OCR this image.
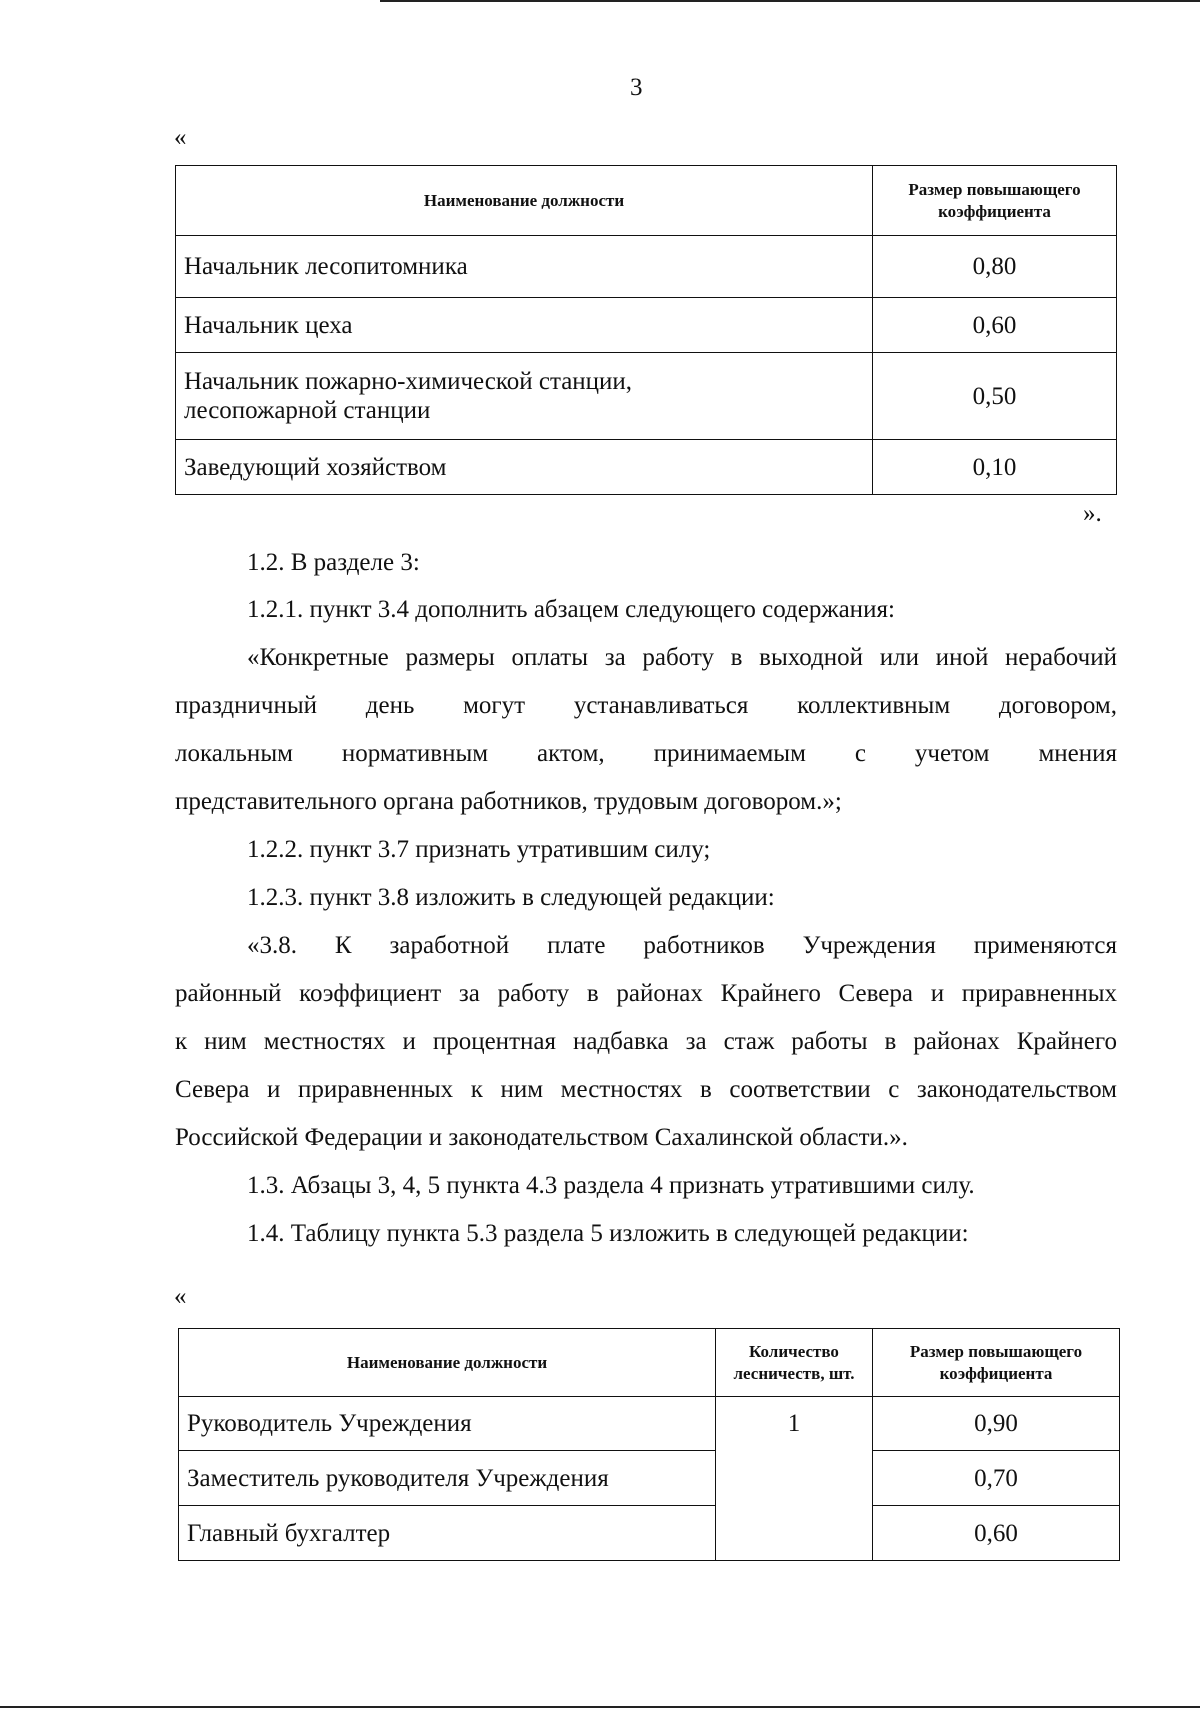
3
«
Наименование должности	Размер повышающего коэффициента
Начальник лесопитомника	0,80
Начальник цеха	0,60
Начальник пожарно-химической станции, лесопожарной станции	0,50
Заведующий хозяйством	0,10
».
1.2. В разделе 3:
1.2.1. пункт 3.4 дополнить абзацем следующего содержания:
«Конкретные размеры оплаты за работу в выходной или иной нерабочий
праздничный день могут устанавливаться коллективным договором,
локальным нормативным актом, принимаемым с учетом мнения
представительного органа работников, трудовым договором.»;
1.2.2. пункт 3.7 признать утратившим силу;
1.2.3. пункт 3.8 изложить в следующей редакции:
«3.8. К заработной плате работников Учреждения применяются
районный коэффициент за работу в районах Крайнего Севера и приравненных
к ним местностях и процентная надбавка за стаж работы в районах Крайнего
Севера и приравненных к ним местностях в соответствии с законодательством
Российской Федерации и законодательством Сахалинской области.».
1.3. Абзацы 3, 4, 5 пункта 4.3 раздела 4 признать утратившими силу.
1.4. Таблицу пункта 5.3 раздела 5 изложить в следующей редакции:
«
Наименование должности	Количество лесничеств, шт.	Размер повышающего коэффициента
Руководитель Учреждения	1	0,90
Заместитель руководителя Учреждения		0,70
Главный бухгалтер		0,60
